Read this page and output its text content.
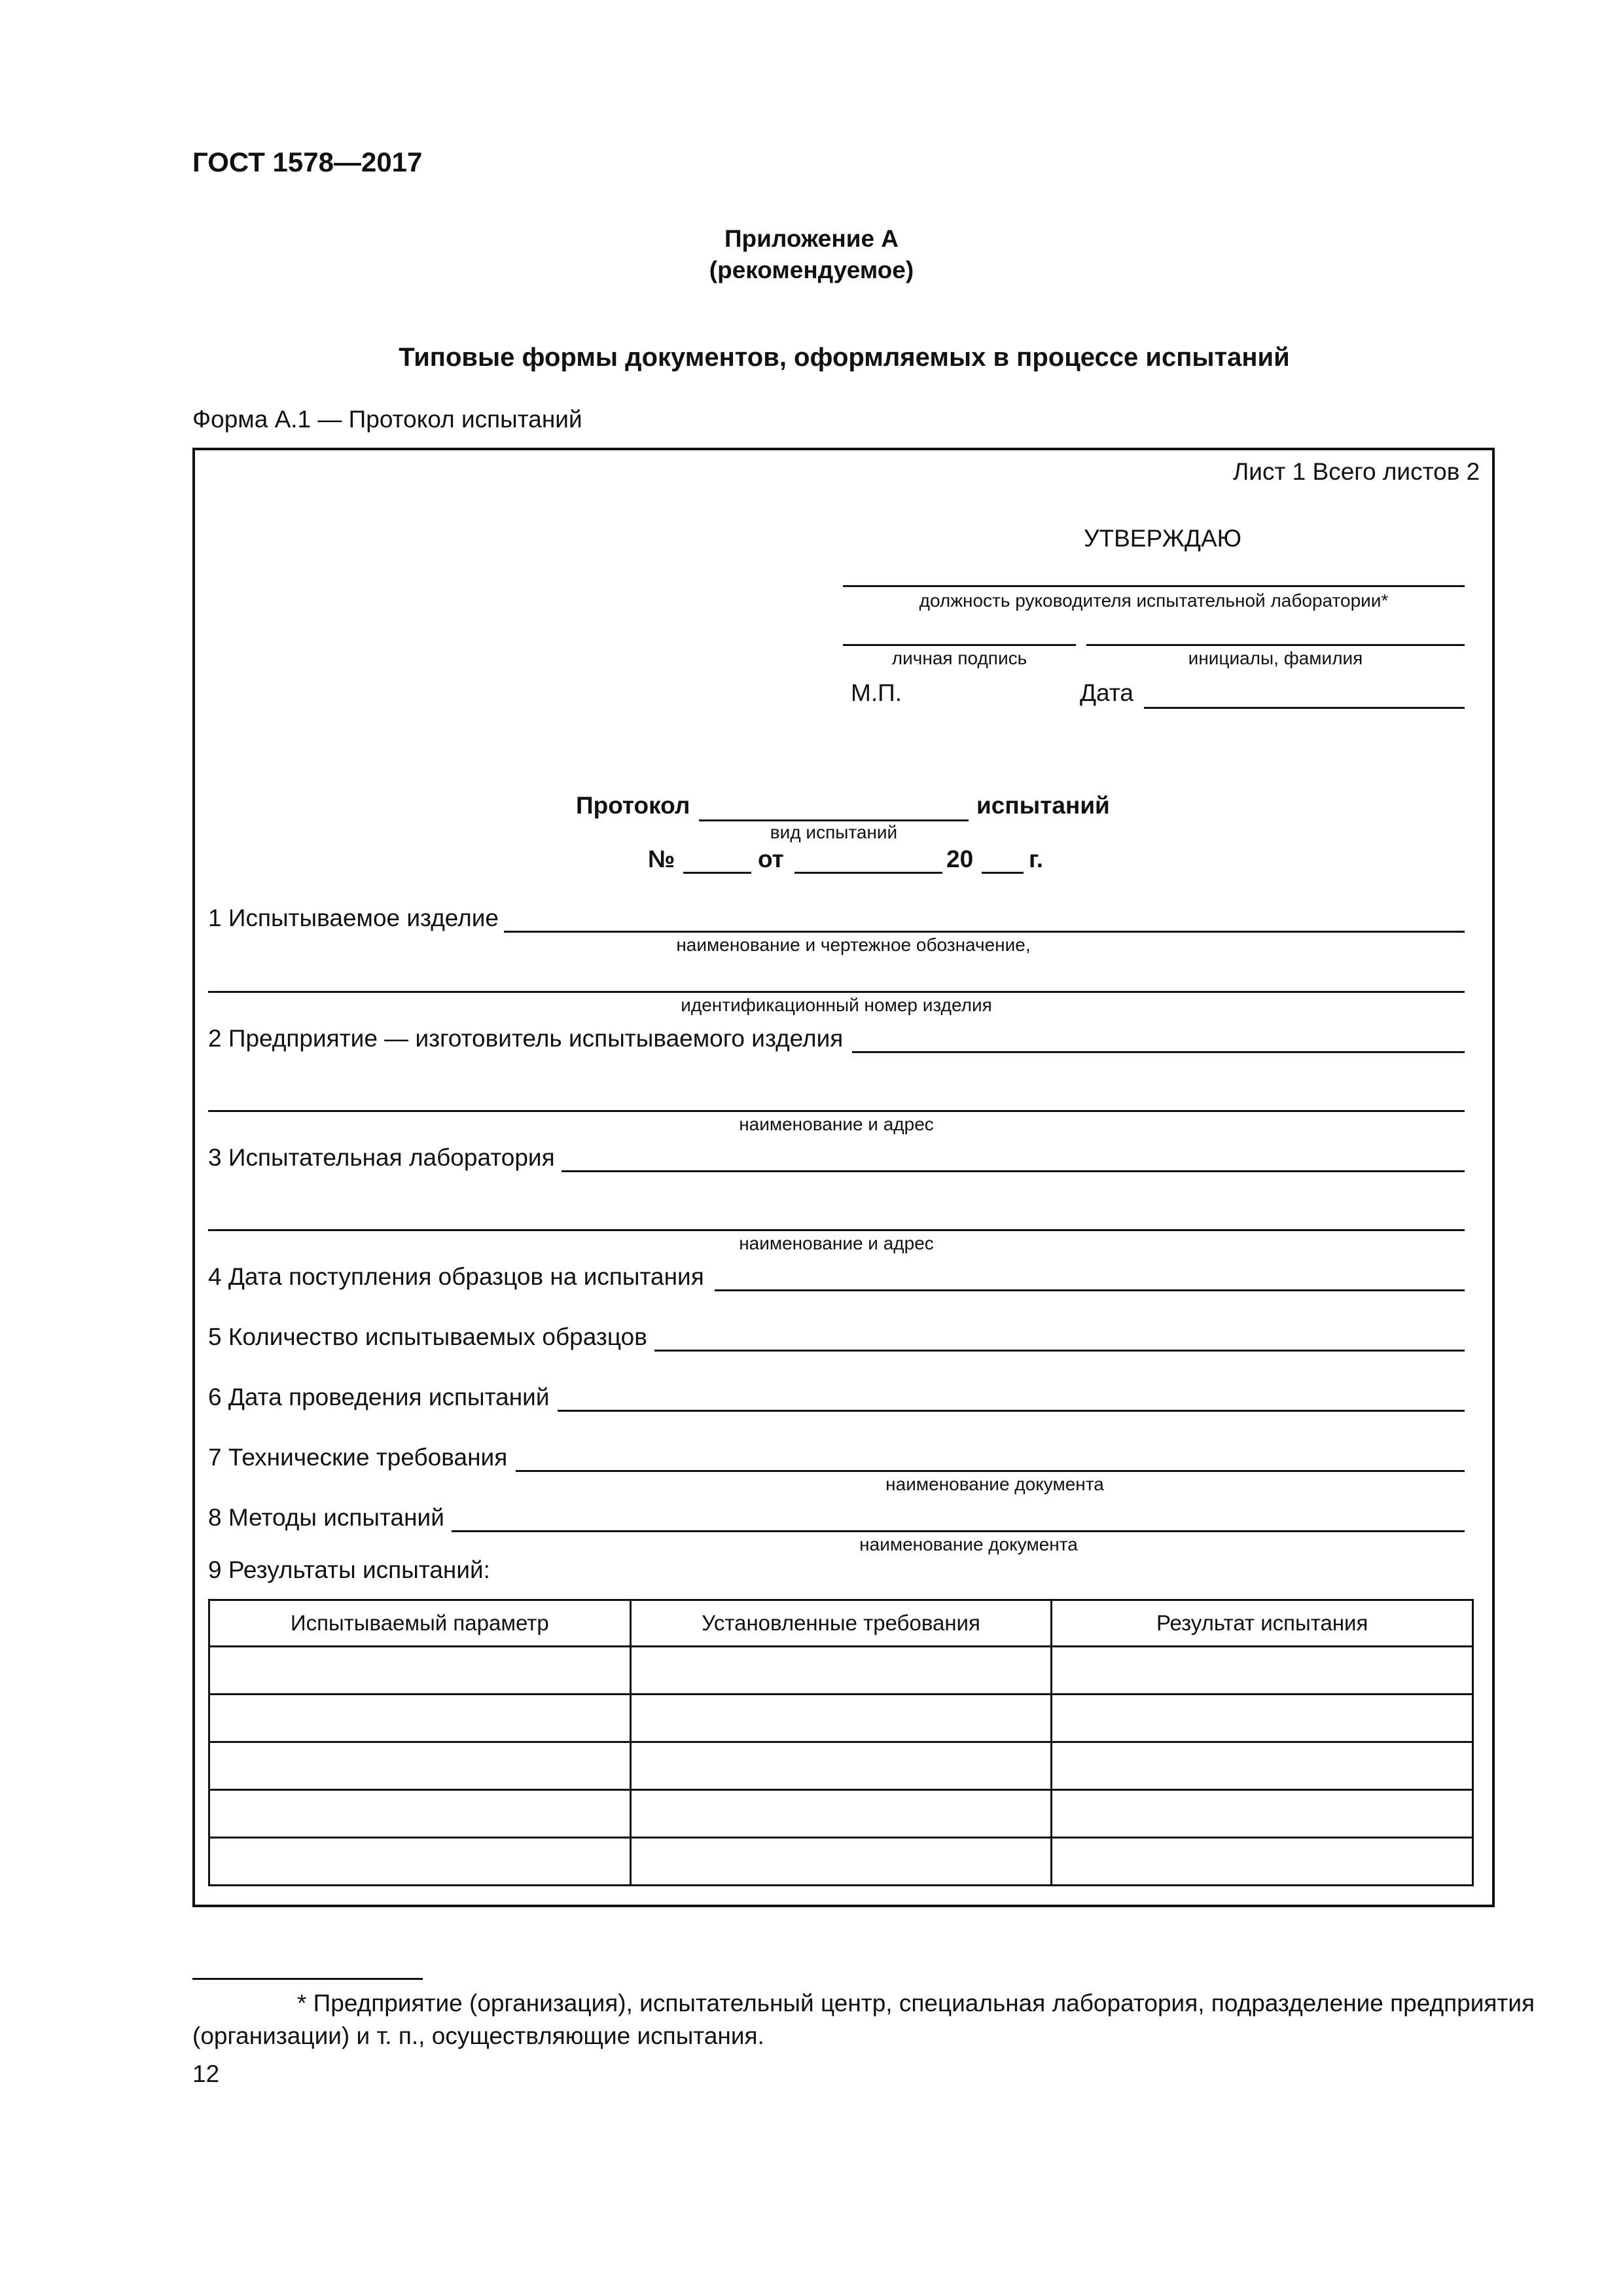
ГОСТ 1578—2017
Приложение А
(рекомендуемое)
Типовые формы документов, оформляемых в процессе испытаний
Форма А.1 — Протокол испытаний
Лист 1 Всего листов 2
УТВЕРЖДАЮ
должность руководителя испытательной лаборатории*
личная подпись	инициалы, фамилия
М.П.	Дата
Протокол	испытаний
вид испытаний
№	от	20 г.
1 Испытываемое изделие
наименование и чертежное обозначение,
идентификационный номер изделия
2 Предприятие — изготовитель испытываемого изделия
наименование и адрес
3 Испытательная лаборатория
наименование и адрес
4 Дата поступления образцов на испытания
5 Количество испытываемых образцов
6 Дата проведения испытаний
7 Технические требования
наименование документа
8 Методы испытаний
наименование документа
9 Результаты испытаний:
Испытываемый параметр	Установленные требования	Результат испытания

* Предприятие (организация), испытательный центр, специальная лаборатория, подразделение предприятия
(организации) и т. п., осуществляющие испытания.
12
